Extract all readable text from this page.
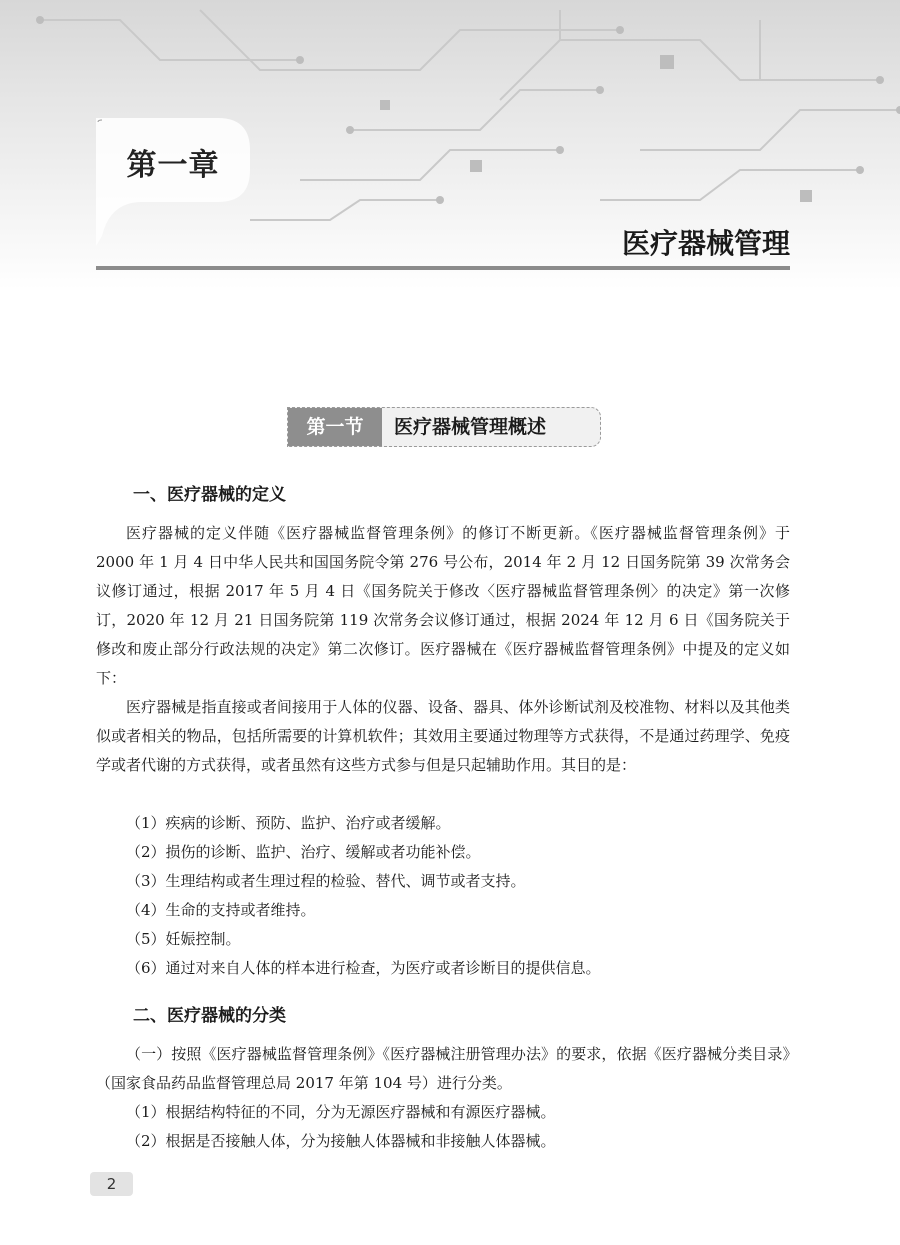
第一章
医疗器械管理
第一节	医疗器械管理概述
一、医疗器械的定义
医疗器械的定义伴随《医疗器械监督管理条例》的修订不断更新。《医疗器械监督管理条例》于 2000 年 1 月 4 日中华人民共和国国务院令第 276 号公布，2014 年 2 月 12 日国务院第 39 次常务会议修订通过，根据 2017 年 5 月 4 日《国务院关于修改〈医疗器械监督管理条例〉的决定》第一次修订，2020 年 12 月 21 日国务院第 119 次常务会议修订通过，根据 2024 年 12 月 6 日《国务院关于修改和废止部分行政法规的决定》第二次修订。医疗器械在《医疗器械监督管理条例》中提及的定义如下：
医疗器械是指直接或者间接用于人体的仪器、设备、器具、体外诊断试剂及校准物、材料以及其他类似或者相关的物品，包括所需要的计算机软件；其效用主要通过物理等方式获得，不是通过药理学、免疫学或者代谢的方式获得，或者虽然有这些方式参与但是只起辅助作用。其目的是：
（1）疾病的诊断、预防、监护、治疗或者缓解。
（2）损伤的诊断、监护、治疗、缓解或者功能补偿。
（3）生理结构或者生理过程的检验、替代、调节或者支持。
（4）生命的支持或者维持。
（5）妊娠控制。
（6）通过对来自人体的样本进行检查，为医疗或者诊断目的提供信息。
二、医疗器械的分类
（一）按照《医疗器械监督管理条例》《医疗器械注册管理办法》的要求，依据《医疗器械分类目录》（国家食品药品监督管理总局 2017 年第 104 号）进行分类。
（1）根据结构特征的不同，分为无源医疗器械和有源医疗器械。
（2）根据是否接触人体，分为接触人体器械和非接触人体器械。
2
